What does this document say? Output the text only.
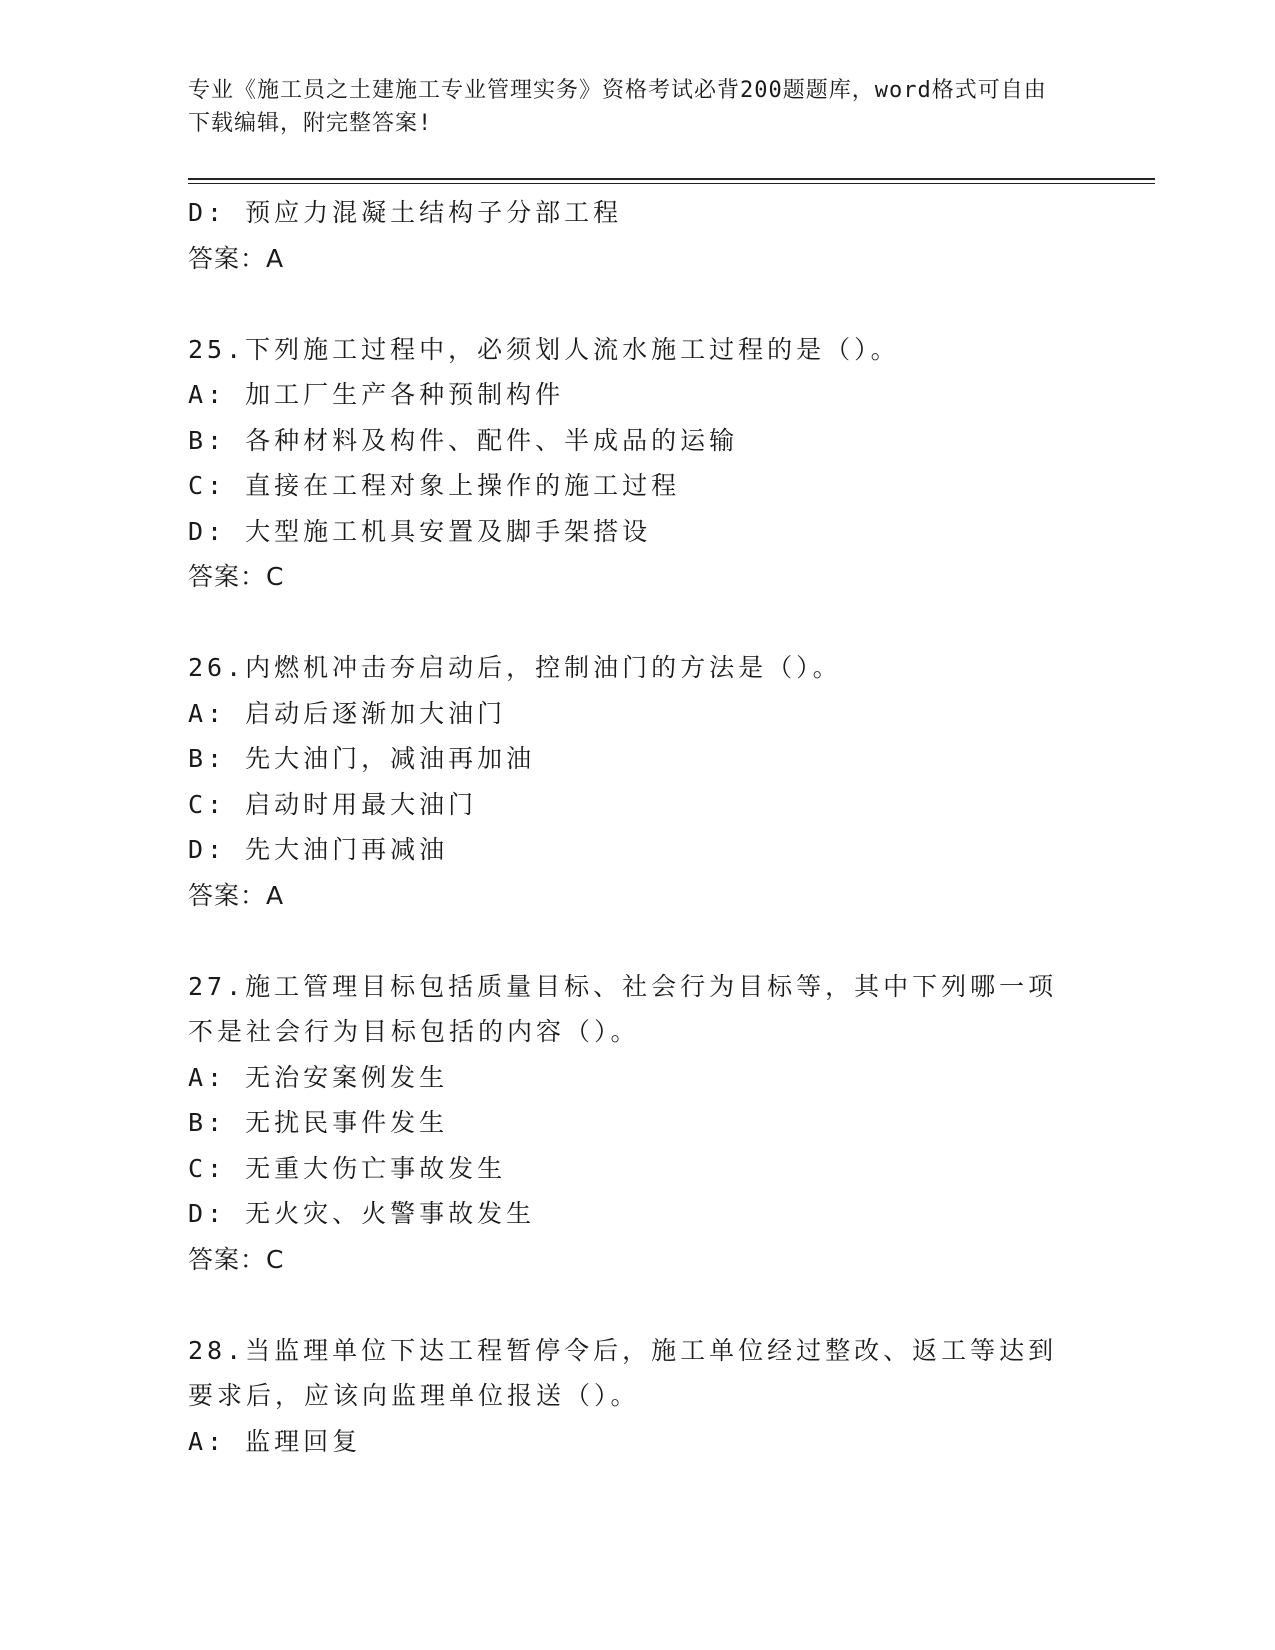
专业《施工员之土建施工专业管理实务》资格考试必背200题题库，word格式可自由下载编辑，附完整答案!
D: 预应力混凝土结构子分部工程
答案：A
25.下列施工过程中，必须划人流水施工过程的是（）。
A: 加工厂生产各种预制构件
B: 各种材料及构件、配件、半成品的运输
C: 直接在工程对象上操作的施工过程
D: 大型施工机具安置及脚手架搭设
答案：C
26.内燃机冲击夯启动后，控制油门的方法是（）。
A: 启动后逐渐加大油门
B: 先大油门，减油再加油
C: 启动时用最大油门
D: 先大油门再减油
答案：A
27.施工管理目标包括质量目标、社会行为目标等，其中下列哪一项不是社会行为目标包括的内容（）。
A: 无治安案例发生
B: 无扰民事件发生
C: 无重大伤亡事故发生
D: 无火灾、火警事故发生
答案：C
28.当监理单位下达工程暂停令后，施工单位经过整改、返工等达到要求后，应该向监理单位报送（）。
A: 监理回复
